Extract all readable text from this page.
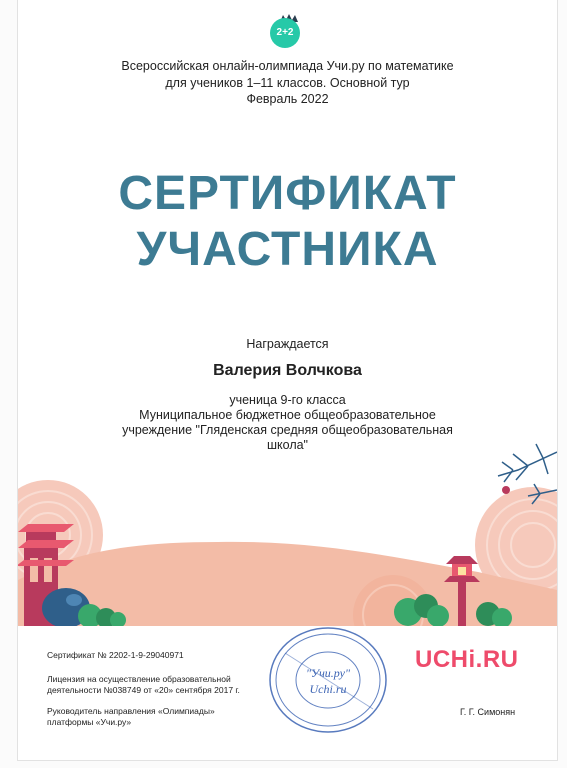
2+2
Всероссийская онлайн-олимпиада Учи.ру по математике
для учеников 1–11 классов. Основной тур
Февраль 2022
СЕРТИФИКАТ
УЧАСТНИКА
Награждается
Валерия Волчкова
ученица 9-го класса
Муниципальное бюджетное общеобразовательное учреждение "Гляденская средняя общеобразовательная школа"
Сертификат № 2202-1-9-29040971
Лицензия на осуществление образовательной деятельности №038749 от «20» сентября 2017 г.
Руководитель направления «Олимпиады» платформы «Учи.ру»
"Учи.ру"
Uchi.ru
UCHi.RU
Г. Г. Симонян
